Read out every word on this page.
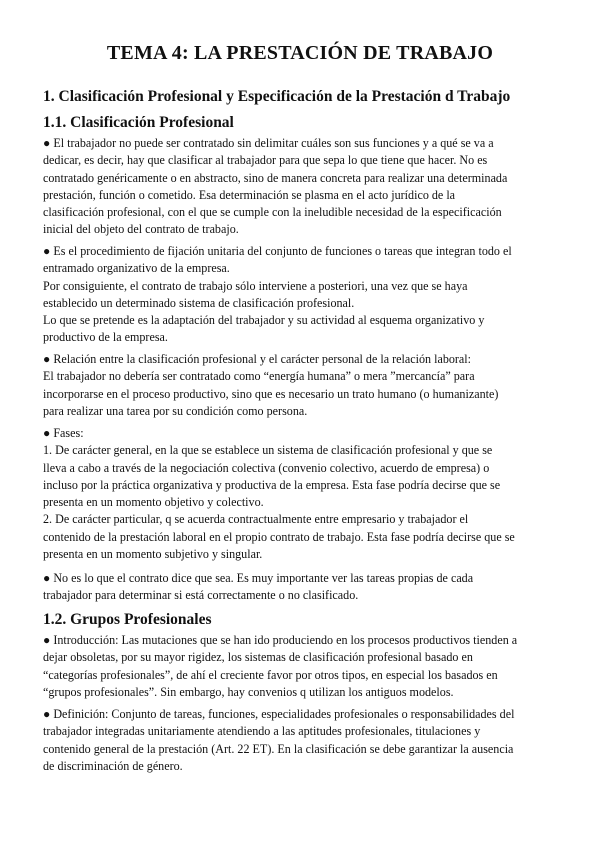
TEMA 4: LA PRESTACIÓN DE TRABAJO
1. Clasificación Profesional y Especificación de la Prestación d Trabajo
1.1. Clasificación Profesional
● El trabajador no puede ser contratado sin delimitar cuáles son sus funciones y a qué se va a
dedicar, es decir, hay que clasificar al trabajador para que sepa lo que tiene que hacer. No es
contratado genéricamente o en abstracto, sino de manera concreta para realizar una determinada
prestación, función o cometido. Esa determinación se plasma en el acto jurídico de la
clasificación profesional, con el que se cumple con la ineludible necesidad de la especificación
inicial del objeto del contrato de trabajo.
● Es el procedimiento de fijación unitaria del conjunto de funciones o tareas que integran todo el
entramado organizativo de la empresa.
Por consiguiente, el contrato de trabajo sólo interviene a posteriori, una vez que se haya
establecido un determinado sistema de clasificación profesional.
Lo que se pretende es la adaptación del trabajador y su actividad al esquema organizativo y
productivo de la empresa.
● Relación entre la clasificación profesional y el carácter personal de la relación laboral:
El trabajador no debería ser contratado como “energía humana” o mera ”mercancía” para
incorporarse en el proceso productivo, sino que es necesario un trato humano (o humanizante)
para realizar una tarea por su condición como persona.
● Fases:
1. De carácter general, en la que se establece un sistema de clasificación profesional y que se
lleva a cabo a través de la negociación colectiva (convenio colectivo, acuerdo de empresa) o
incluso por la práctica organizativa y productiva de la empresa. Esta fase podría decirse que se
presenta en un momento objetivo y colectivo.
2. De carácter particular, q se acuerda contractualmente entre empresario y trabajador el
contenido de la prestación laboral en el propio contrato de trabajo. Esta fase podría decirse que se
presenta en un momento subjetivo y singular.
● No es lo que el contrato dice que sea. Es muy importante ver las tareas propias de cada
trabajador para determinar si está correctamente o no clasificado.
1.2. Grupos Profesionales
● Introducción: Las mutaciones que se han ido produciendo en los procesos productivos tienden a
dejar obsoletas, por su mayor rigidez, los sistemas de clasificación profesional basado en
“categorías profesionales”, de ahí el creciente favor por otros tipos, en especial los basados en
“grupos profesionales”. Sin embargo, hay convenios q utilizan los antiguos modelos.
● Definición: Conjunto de tareas, funciones, especialidades profesionales o responsabilidades del
trabajador integradas unitariamente atendiendo a las aptitudes profesionales, titulaciones y
contenido general de la prestación (Art. 22 ET). En la clasificación se debe garantizar la ausencia
de discriminación de género.
